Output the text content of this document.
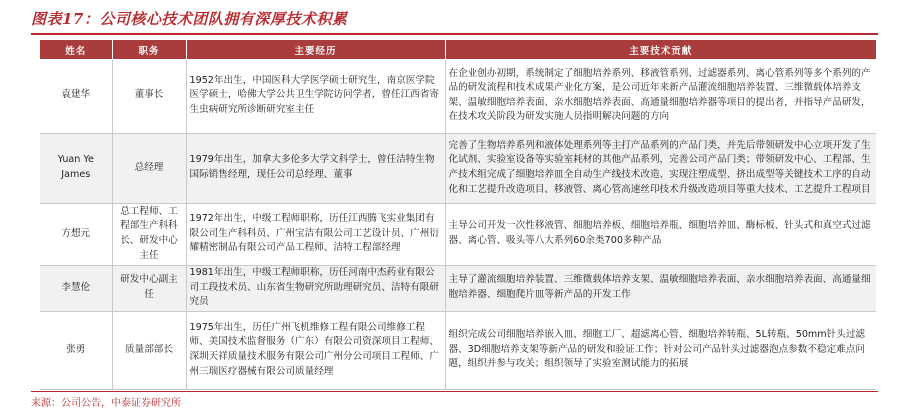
图表17：公司核心技术团队拥有深厚技术积累
姓名	职务	主要经历	主要技术贡献
袁建华	董事长	1952年出生，中国医科大学医学硕士研究生，南京医学院医学硕士，哈佛大学公共卫生学院访问学者，曾任江西省寄生虫病研究所诊断研究室主任	在企业创办初期，系统制定了细胞培养系列、移液管系列、过滤器系列、离心管系列等多个系列的产品的研发流程和技术成果产业化方案，是公司近年来新产品灌流细胞培养装置、三维微载体培养支架、温敏细胞培养表面、亲水细胞培养表面、高通量细胞培养器等项目的提出者，并指导产品研发，在技术攻关阶段为研发实施人员指明解决问题的方向
Yuan Ye James	总经理	1979年出生，加拿大多伦多大学文科学士，曾任洁特生物国际销售经理，现任公司总经理、董事	完善了生物培养系列和液体处理系列等主打产品系列的产品门类，并先后带领研发中心立项开发了生化试剂、实验室设备等实验室耗材的其他产品系列，完善公司产品门类；带领研发中心、工程部、生产技术组完成了细胞培养皿全自动生产线技术改造、实现注塑成型、挤出成型等关键技术工序的自动化和工艺提升改造项目、移液管、离心管高速丝印技术升级改造项目等重大技术、工艺提升工程项目
方想元	总工程师、工程部生产科科长、研发中心主任	1972年出生，中级工程师职称，历任江西腾飞实业集团有限公司生产科科员、广州宝洁有限公司工艺设计员、广州衍耀精密制品有限公司产品工程师、洁特工程部经理	主导公司开发一次性移液管、细胞培养板、细胞培养瓶、细胞培养皿、酶标板、针头式和真空式过滤器、离心管、吸头等八大系列60余类700多种产品
李慧伦	研发中心副主任	1981年出生，中级工程师职称，历任河南中杰药业有限公司工段技术员、山东省生物研究所助理研究员、洁特有限研究员	主导了灌流细胞培养装置、三维微载体培养支架、温敏细胞培养表面、亲水细胞培养表面、高通量细胞培养器、细胞爬片皿等新产品的开发工作
张勇	质量部部长	1975年出生，历任广州飞机维修工程有限公司维修工程师、美国技术监督服务（广东）有限公司资深项目工程师、深圳天祥质量技术服务有限公司广州分公司项目工程师、广州三瑞医疗器械有限公司质量经理	组织完成公司细胞培养嵌入皿、细胞工厂、超滤离心管、细胞培养转瓶、5L转瓶、50mm针头过滤器、3D细胞培养支架等新产品的研发和验证工作；针对公司产品针头过滤器泡点参数不稳定难点问题，组织并参与攻关；组织领导了实验室测试能力的拓展
来源：公司公告，中泰证券研究所
